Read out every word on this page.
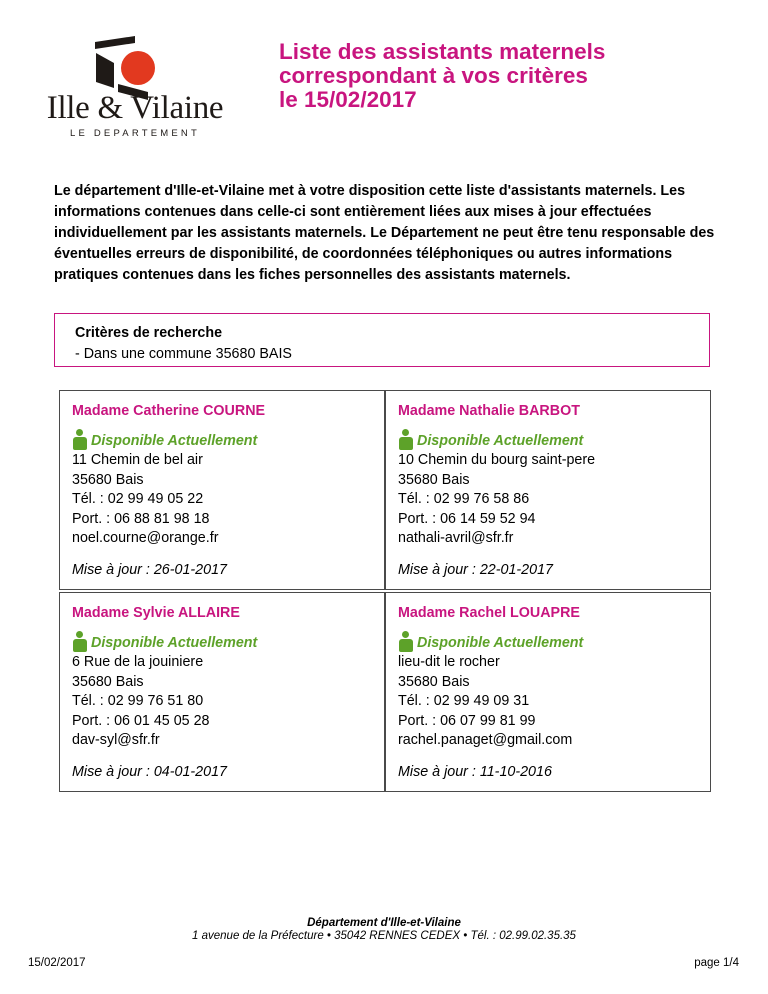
Ille & Vilaine
LE DEPARTEMENT
Liste des assistants maternels
correspondant à vos critères
le 15/02/2017
Le département d'Ille-et-Vilaine met à votre disposition cette liste d'assistants maternels. Les informations contenues dans celle-ci sont entièrement liées aux mises à jour effectuées individuellement par les assistants maternels. Le Département ne peut être tenu responsable des éventuelles erreurs de disponibilité, de coordonnées téléphoniques ou autres informations pratiques contenues dans les fiches personnelles des assistants maternels.
Critères de recherche
- Dans une commune 35680 BAIS
Madame Catherine COURNE
Disponible Actuellement
11 Chemin de bel air
35680 Bais
Tél. : 02 99 49 05 22
Port. : 06 88 81 98 18
noel.courne@orange.fr
Mise à jour : 26-01-2017
Madame Nathalie BARBOT
Disponible Actuellement
10 Chemin du bourg saint-pere
35680 Bais
Tél. : 02 99 76 58 86
Port. : 06 14 59 52 94
nathali-avril@sfr.fr
Mise à jour : 22-01-2017
Madame Sylvie ALLAIRE
Disponible Actuellement
6 Rue de la jouiniere
35680 Bais
Tél. : 02 99 76 51 80
Port. : 06 01 45 05 28
dav-syl@sfr.fr
Mise à jour : 04-01-2017
Madame Rachel LOUAPRE
Disponible Actuellement
lieu-dit le rocher
35680 Bais
Tél. : 02 99 49 09 31
Port. : 06 07 99 81 99
rachel.panaget@gmail.com
Mise à jour : 11-10-2016
Département d'Ille-et-Vilaine
1 avenue de la Préfecture • 35042 RENNES CEDEX • Tél. : 02.99.02.35.35
15/02/2017	page 1/4
